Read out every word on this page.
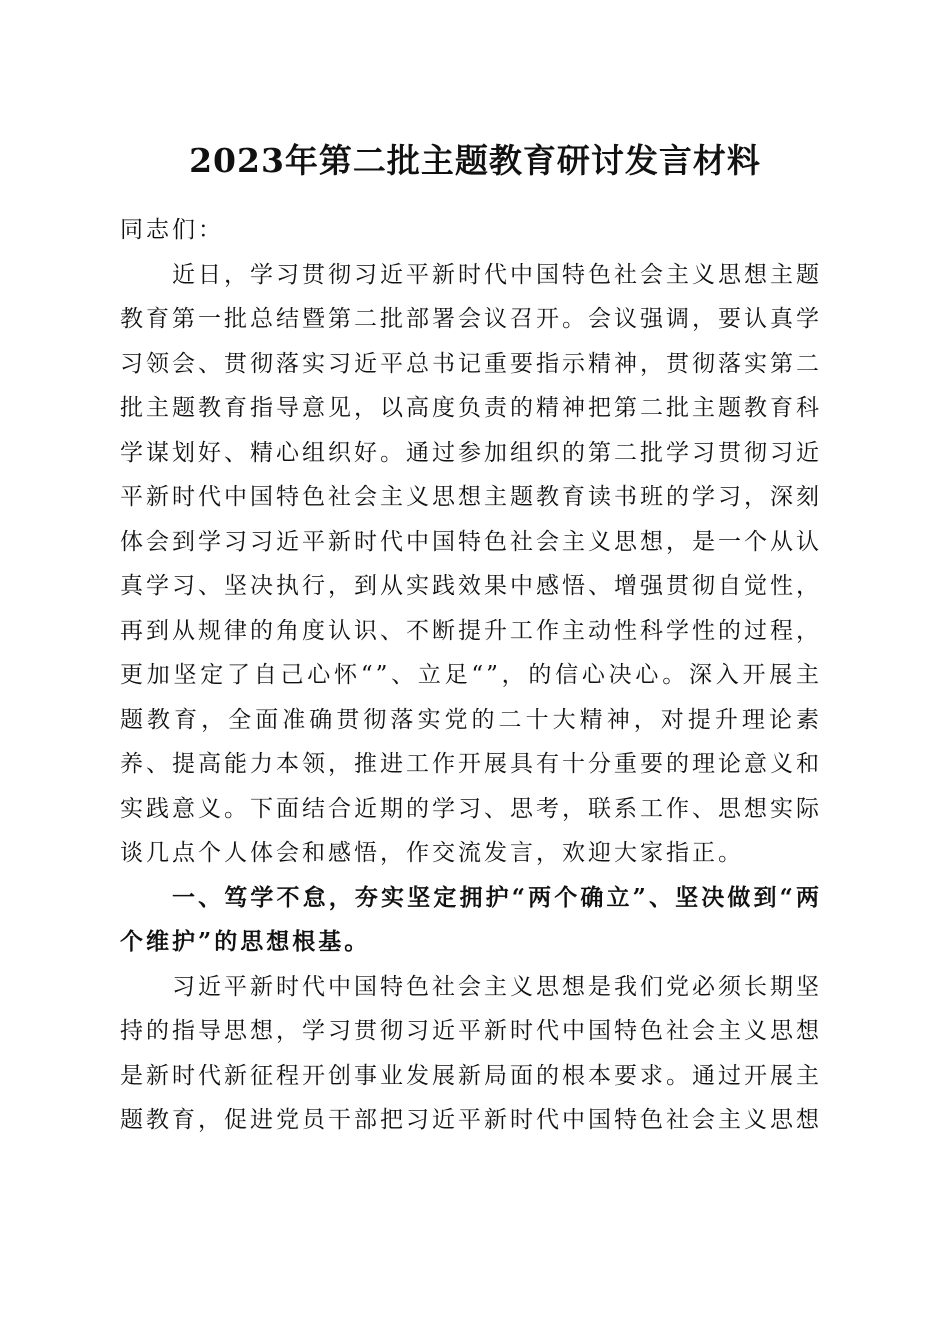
2023年第二批主题教育研讨发言材料

同志们：

近日，学习贯彻习近平新时代中国特色社会主义思想主题教育第一批总结暨第二批部署会议召开。会议强调，要认真学习领会、贯彻落实习近平总书记重要指示精神，贯彻落实第二批主题教育指导意见，以高度负责的精神把第二批主题教育科学谋划好、精心组织好。通过参加组织的第二批学习贯彻习近平新时代中国特色社会主义思想主题教育读书班的学习，深刻体会到学习习近平新时代中国特色社会主义思想，是一个从认真学习、坚决执行，到从实践效果中感悟、增强贯彻自觉性，再到从规律的角度认识、不断提升工作主动性科学性的过程，更加坚定了自己心怀“”、立足“”，的信心决心。深入开展主题教育，全面准确贯彻落实党的二十大精神，对提升理论素养、提高能力本领，推进工作开展具有十分重要的理论意义和实践意义。下面结合近期的学习、思考，联系工作、思想实际谈几点个人体会和感悟，作交流发言，欢迎大家指正。

一、笃学不怠，夯实坚定拥护“两个确立”、坚决做到“两个维护”的思想根基。

习近平新时代中国特色社会主义思想是我们党必须长期坚持的指导思想，学习贯彻习近平新时代中国特色社会主义思想是新时代新征程开创事业发展新局面的根本要求。通过开展主题教育，促进党员干部把习近平新时代中国特色社会主义思想
